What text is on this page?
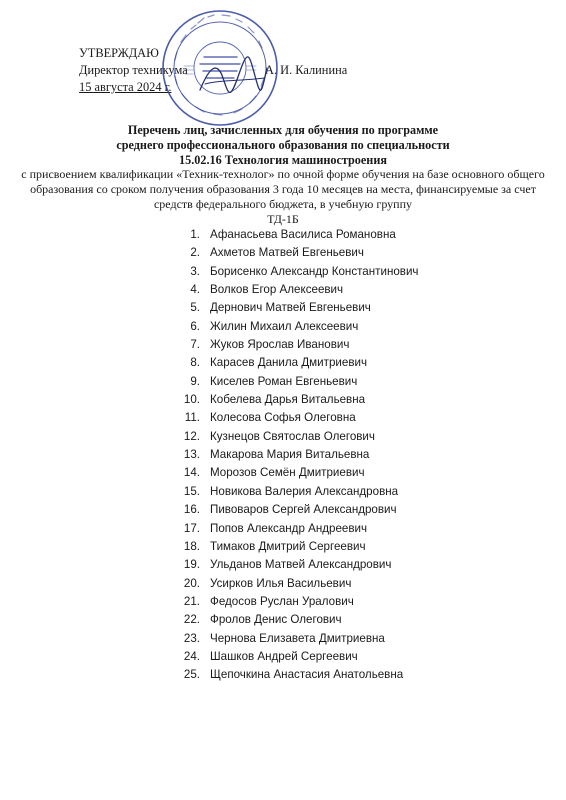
УТВЕРЖДАЮ
Директор техникума
15 августа 2024 г.
А. И. Калинина
Перечень лиц, зачисленных для обучения по программе
среднего профессионального образования по специальности
15.02.16 Технология машиностроения
с присвоением квалификации «Техник-технолог» по очной форме обучения на базе основного общего образования со сроком получения образования 3 года 10 месяцев на места, финансируемые за счет средств федерального бюджета, в учебную группу
ТД-1Б
1. Афанасьева Василиса Романовна
2. Ахметов Матвей Евгеньевич
3. Борисенко Александр Константинович
4. Волков Егор Алексеевич
5. Дернович Матвей Евгеньевич
6. Жилин Михаил Алексеевич
7. Жуков Ярослав Иванович
8. Карасев Данила Дмитриевич
9. Киселев Роман Евгеньевич
10. Кобелева Дарья Витальевна
11. Колесова Софья Олеговна
12. Кузнецов Святослав Олегович
13. Макарова Мария Витальевна
14. Морозов Семён Дмитриевич
15. Новикова Валерия Александровна
16. Пивоваров Сергей Александрович
17. Попов Александр Андреевич
18. Тимаков Дмитрий Сергеевич
19. Ульданов Матвей Александрович
20. Усирков Илья Васильевич
21. Федосов Руслан Уралович
22. Фролов Денис Олегович
23. Чернова Елизавета Дмитриевна
24. Шашков Андрей Сергеевич
25. Щепочкина Анастасия Анатольевна
